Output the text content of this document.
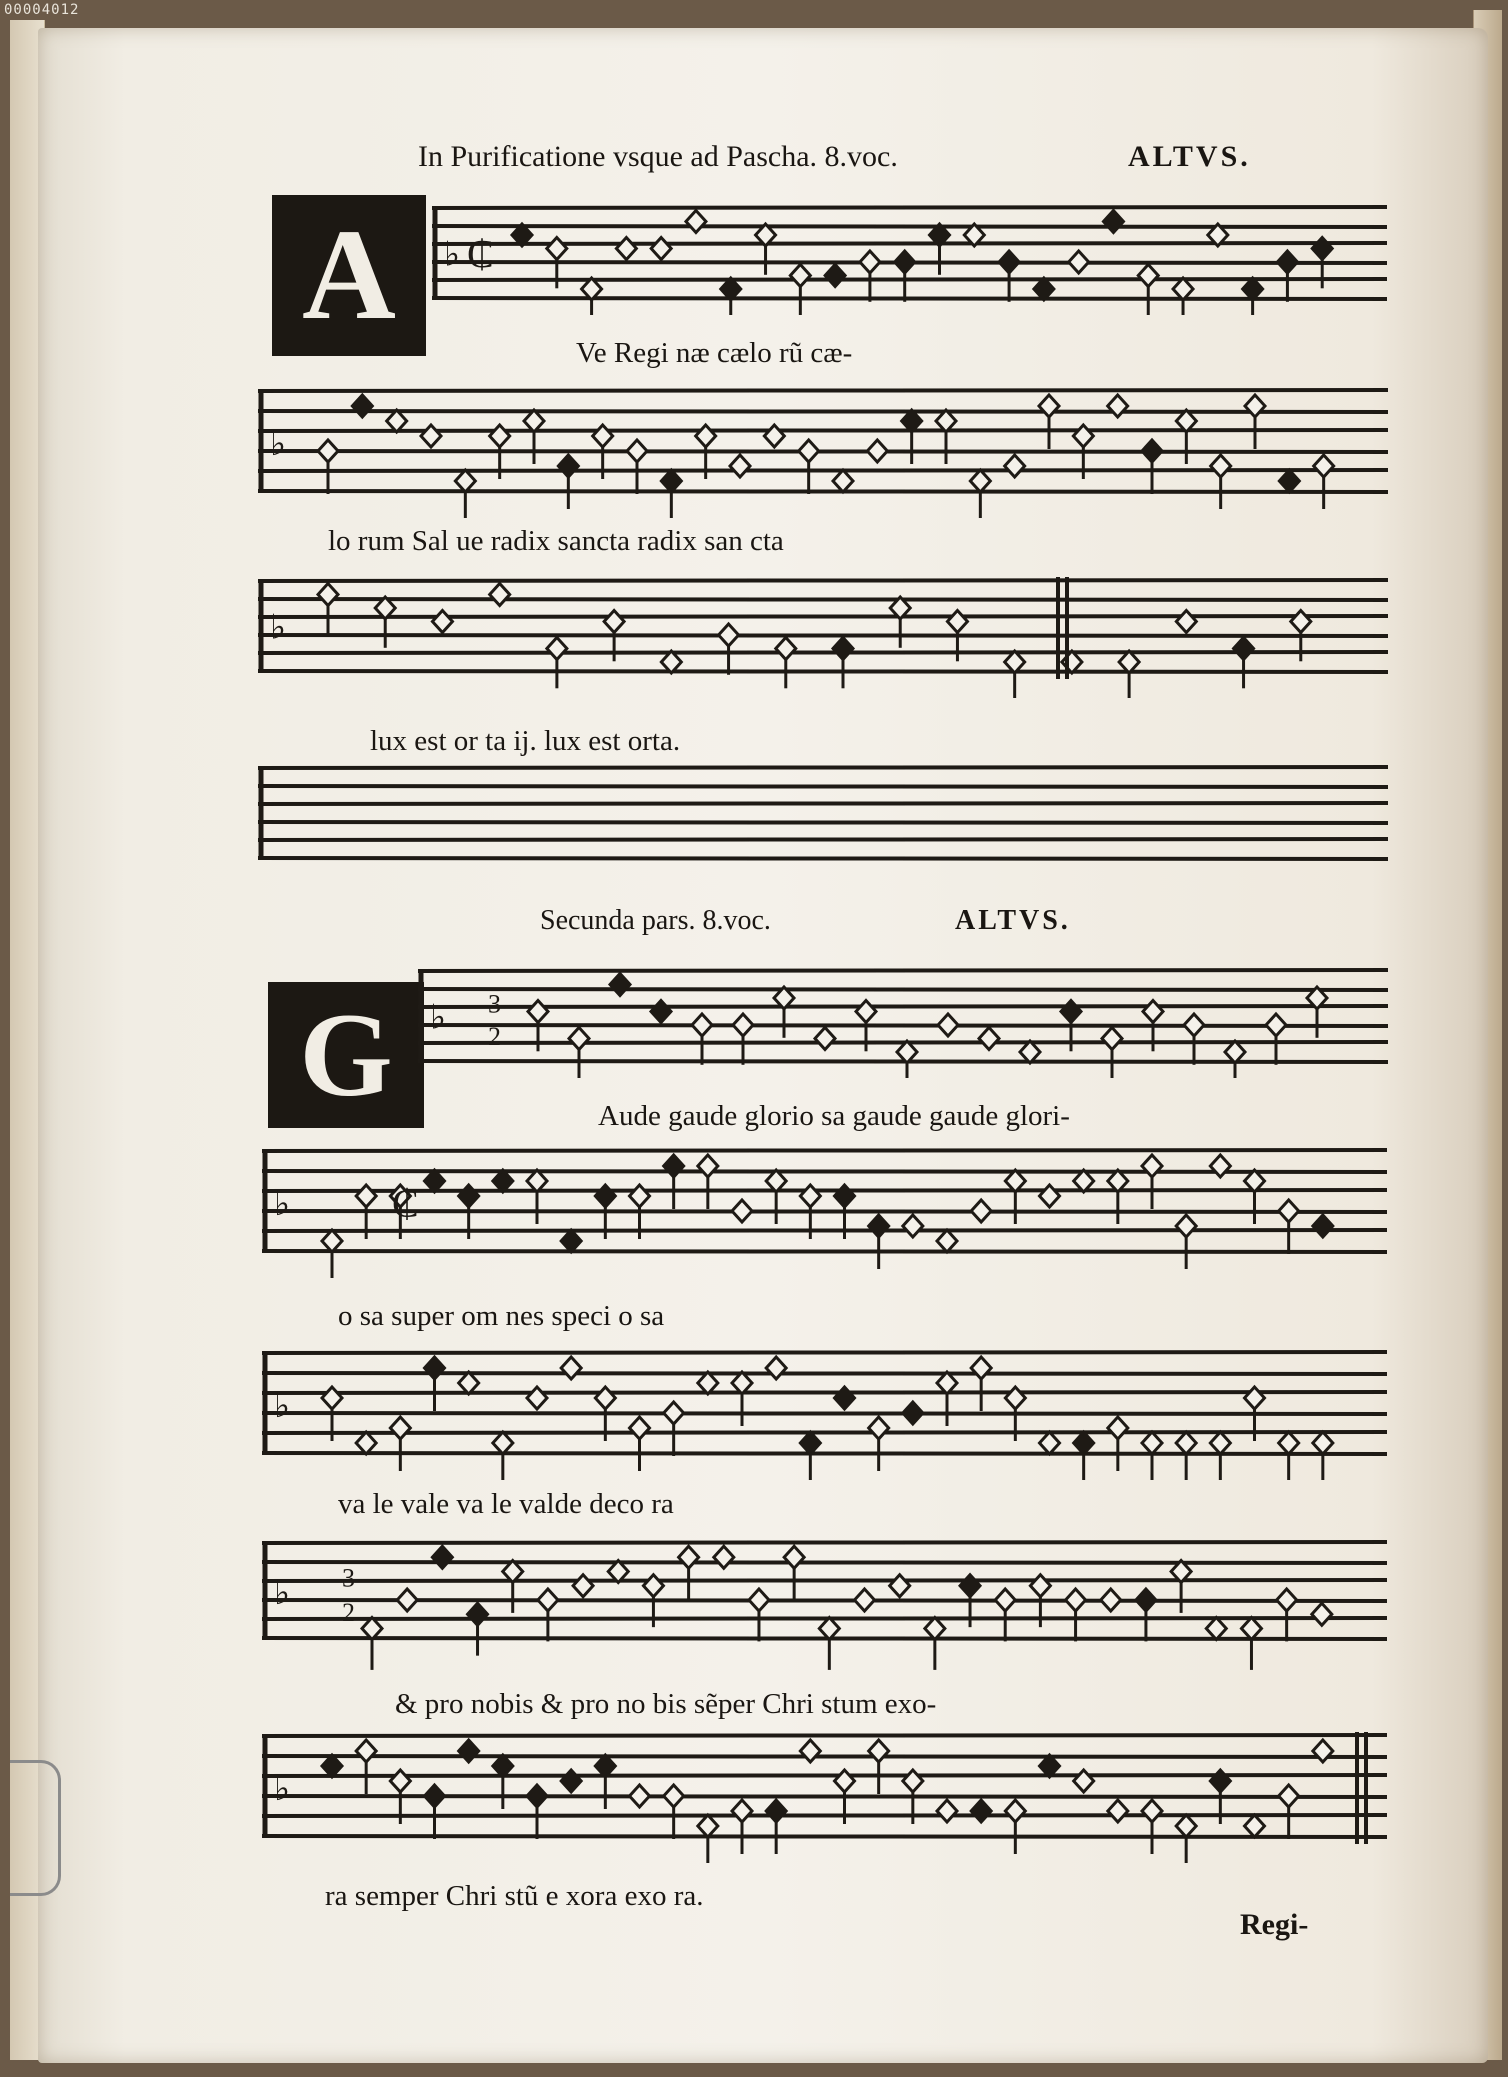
00004012
In Purificatione vsque ad Pascha. 8.voc.	ALTVS.
A	♭ ₵
Ve Regi næ cælo rũ cæ-
♭
lo rum Sal ue radix sancta radix san cta
♭
lux est or ta ij. lux est orta.
Secunda pars. 8.voc.	ALTVS.
G	♭ 3
2
Aude gaude glorio sa gaude gaude glori-
♭	₵
o sa super om nes speci o sa
♭
va le vale va le valde deco ra
♭ 3
2
& pro nobis & pro no bis sẽper Chri stum exo-
♭
ra semper Chri stũ e xora exo ra.
Regi-
